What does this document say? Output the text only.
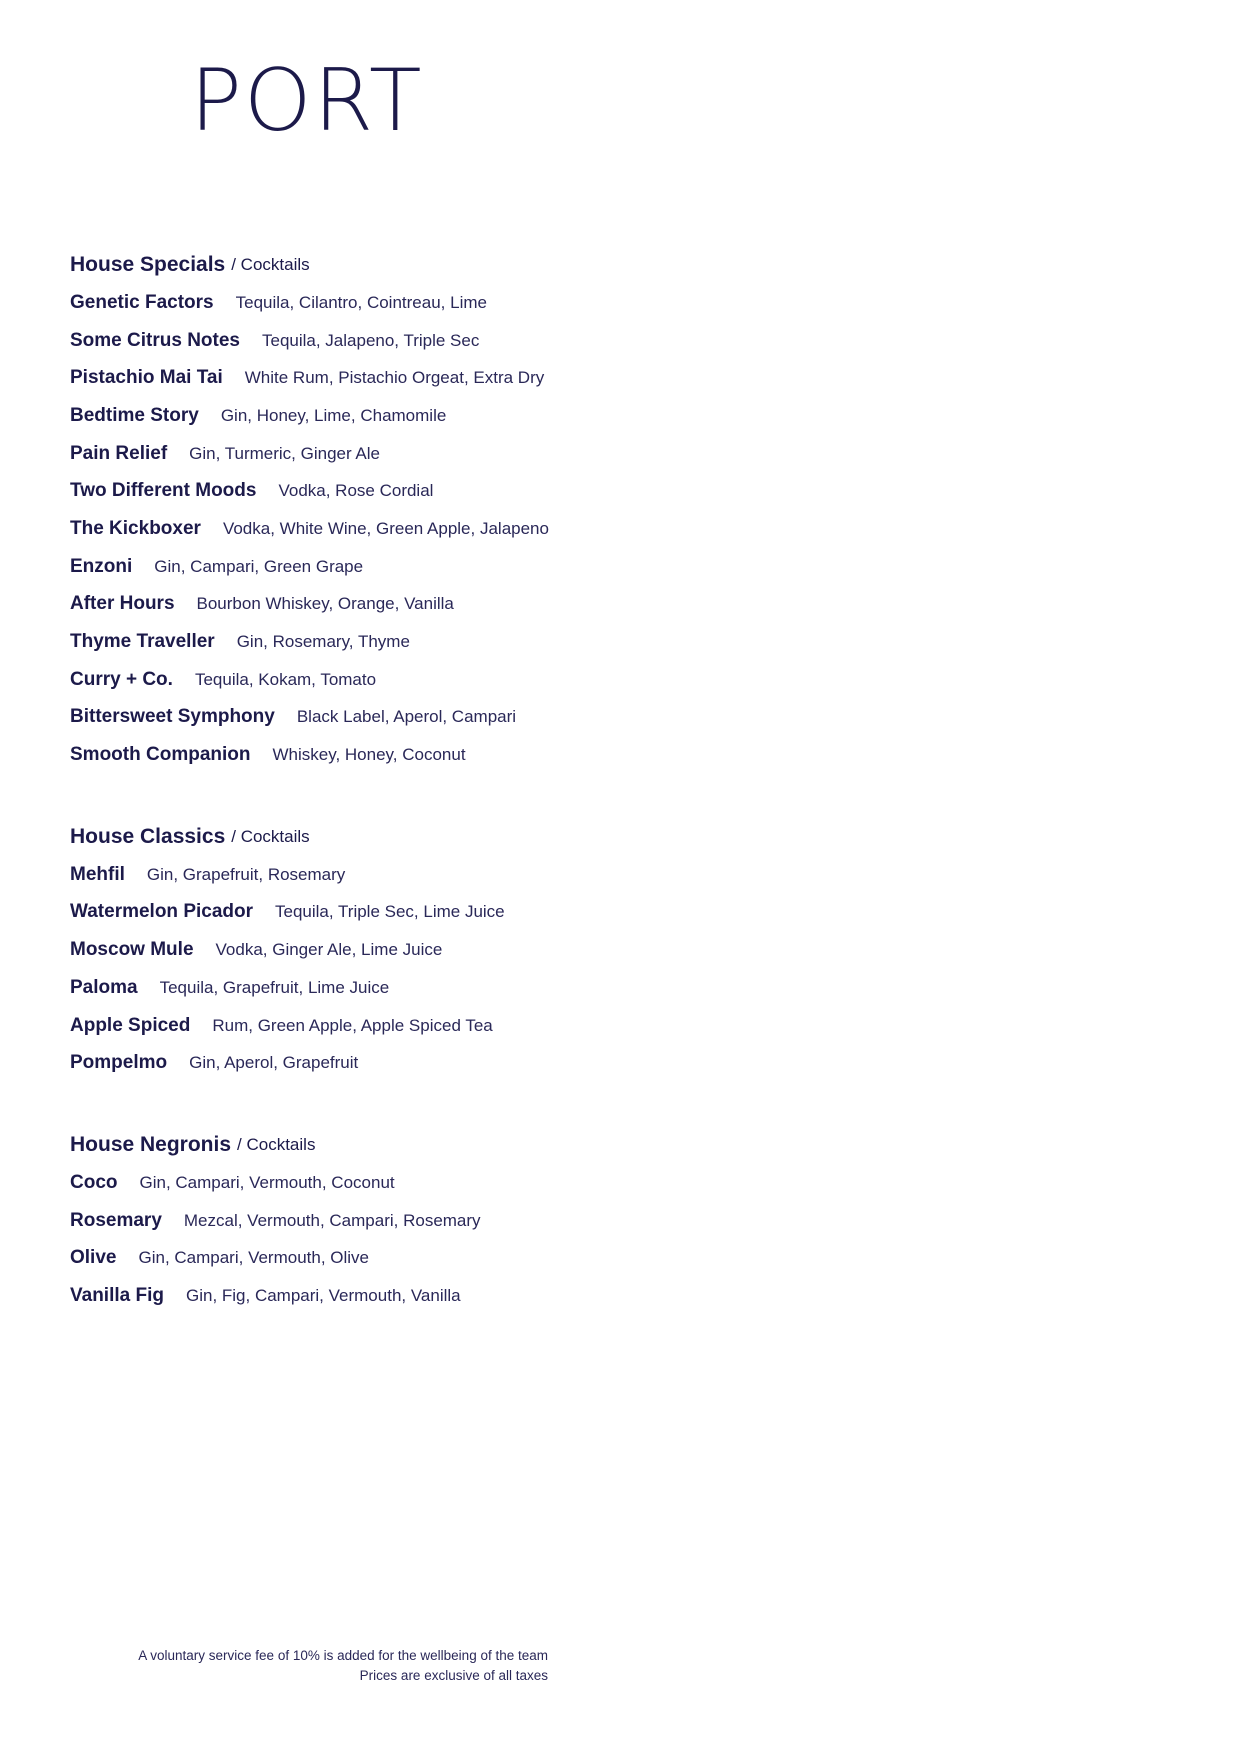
PORT
House Specials / Cocktails
Genetic Factors Tequila, Cilantro, Cointreau, Lime
Some Citrus Notes Tequila, Jalapeno, Triple Sec
Pistachio Mai Tai White Rum, Pistachio Orgeat, Extra Dry
Bedtime Story Gin, Honey, Lime, Chamomile
Pain Relief Gin, Turmeric, Ginger Ale
Two Different Moods Vodka, Rose Cordial
The Kickboxer Vodka, White Wine, Green Apple, Jalapeno
Enzoni Gin, Campari, Green Grape
After Hours Bourbon Whiskey, Orange, Vanilla
Thyme Traveller Gin, Rosemary, Thyme
Curry + Co. Tequila, Kokam, Tomato
Bittersweet Symphony Black Label, Aperol, Campari
Smooth Companion Whiskey, Honey, Coconut
House Classics / Cocktails
Mehfil Gin, Grapefruit, Rosemary
Watermelon Picador Tequila, Triple Sec, Lime Juice
Moscow Mule Vodka, Ginger Ale, Lime Juice
Paloma Tequila, Grapefruit, Lime Juice
Apple Spiced Rum, Green Apple, Apple Spiced Tea
Pompelmo Gin, Aperol, Grapefruit
House Negronis / Cocktails
Coco Gin, Campari, Vermouth, Coconut
Rosemary Mezcal, Vermouth, Campari, Rosemary
Olive Gin, Campari, Vermouth, Olive
Vanilla Fig Gin, Fig, Campari, Vermouth, Vanilla
A voluntary service fee of 10% is added for the wellbeing of the team
Prices are exclusive of all taxes
